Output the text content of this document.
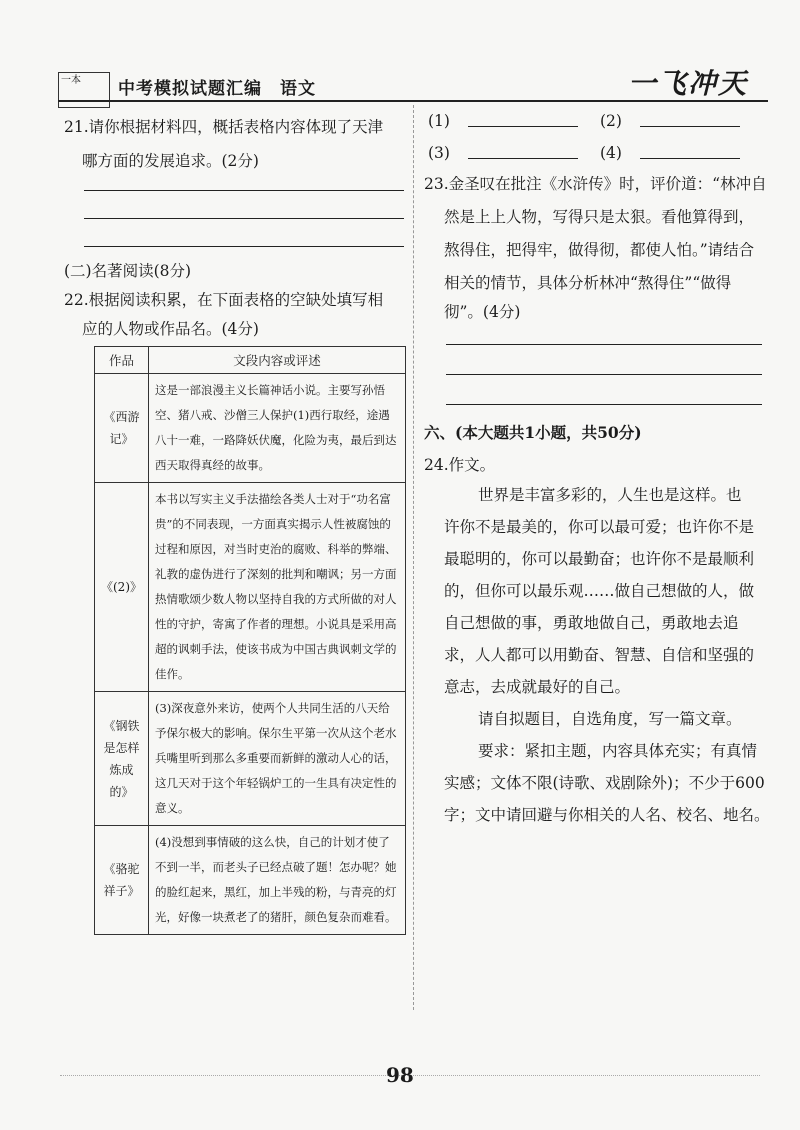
一本	中考模拟试题汇编　语文	一飞冲天
21.请你根据材料四，概括表格内容体现了天津
哪方面的发展追求。(2分)
(二)名著阅读(8分)
22.根据阅读积累，在下面表格的空缺处填写相
应的人物或作品名。(4分)
作品	文段内容或评述
《西游记》	这是一部浪漫主义长篇神话小说。主要写孙悟空、猪八戒、沙僧三人保护(1)西行取经，途遇八十一难，一路降妖伏魔，化险为夷，最后到达西天取得真经的故事。
《(2)》	本书以写实主义手法描绘各类人士对于“功名富贵”的不同表现，一方面真实揭示人性被腐蚀的过程和原因，对当时吏治的腐败、科举的弊端、礼教的虚伪进行了深刻的批判和嘲讽；另一方面热情歌颂少数人物以坚持自我的方式所做的对人性的守护，寄寓了作者的理想。小说具是采用高超的讽刺手法，使该书成为中国古典讽刺文学的佳作。
《钢铁是怎样炼成的》	(3)深夜意外来访，使两个人共同生活的八天给予保尔极大的影响。保尔生平第一次从这个老水兵嘴里听到那么多重要而新鲜的激动人心的话，这几天对于这个年轻锅炉工的一生具有决定性的意义。
《骆驼祥子》	(4)没想到事情破的这么快，自己的计划才使了不到一半，而老头子已经点破了题！怎办呢？她的脸红起来，黑红，加上半残的粉，与青亮的灯光，好像一块煮老了的猪肝，颜色复杂而难看。
(1)	(2)
(3)	(4)
23.金圣叹在批注《水浒传》时，评价道：“林冲自
然是上上人物，写得只是太狠。看他算得到，
熬得住，把得牢，做得彻，都使人怕。”请结合
相关的情节，具体分析林冲“熬得住”“做得
彻”。(4分)
六、(本大题共1小题，共50分)
24.作文。
世界是丰富多彩的，人生也是这样。也
许你不是最美的，你可以最可爱；也许你不是
最聪明的，你可以最勤奋；也许你不是最顺利
的，但你可以最乐观……做自己想做的人，做
自己想做的事，勇敢地做自己，勇敢地去追
求，人人都可以用勤奋、智慧、自信和坚强的
意志，去成就最好的自己。
请自拟题目，自选角度，写一篇文章。
要求：紧扣主题，内容具体充实；有真情
实感；文体不限(诗歌、戏剧除外)；不少于600
字；文中请回避与你相关的人名、校名、地名。
98
